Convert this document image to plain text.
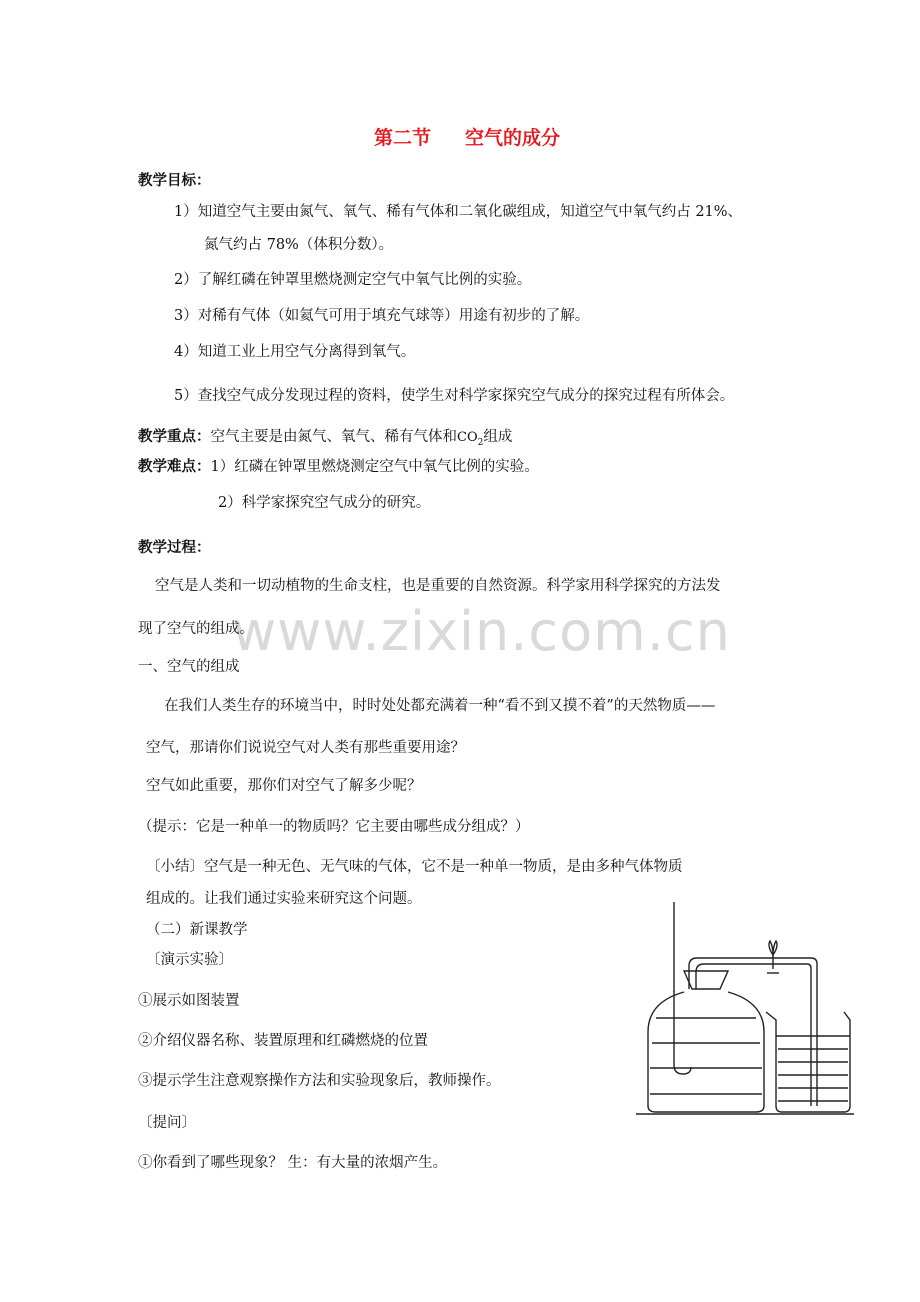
www.zixin.com.cn
第二节 空气的成分
教学目标：
1）知道空气主要由氮气、氧气、稀有气体和二氧化碳组成，知道空气中氧气约占 21%、
氮气约占 78%（体积分数）。
2）了解红磷在钟罩里燃烧测定空气中氧气比例的实验。
3）对稀有气体（如氦气可用于填充气球等）用途有初步的了解。
4）知道工业上用空气分离得到氧气。
5）查找空气成分发现过程的资料，使学生对科学家探究空气成分的探究过程有所体会。
教学重点：空气主要是由氮气、氧气、稀有气体和$CO_2$组成
教学难点：1）红磷在钟罩里燃烧测定空气中氧气比例的实验。
2）科学家探究空气成分的研究。
教学过程：
空气是人类和一切动植物的生命支柱，也是重要的自然资源。科学家用科学探究的方法发
现了空气的组成。
一、空气的组成
在我们人类生存的环境当中，时时处处都充满着一种“看不到又摸不着”的天然物质——
空气，那请你们说说空气对人类有那些重要用途？
空气如此重要，那你们对空气了解多少呢？
（提示：它是一种单一的物质吗？它主要由哪些成分组成？）
〔小结〕空气是一种无色、无气味的气体，它不是一种单一物质，是由多种气体物质
组成的。让我们通过实验来研究这个问题。
（二）新课教学
〔演示实验〕
①展示如图装置
②介绍仪器名称、装置原理和红磷燃烧的位置
③提示学生注意观察操作方法和实验现象后，教师操作。
〔提问〕
①你看到了哪些现象？ 生：有大量的浓烟产生。
